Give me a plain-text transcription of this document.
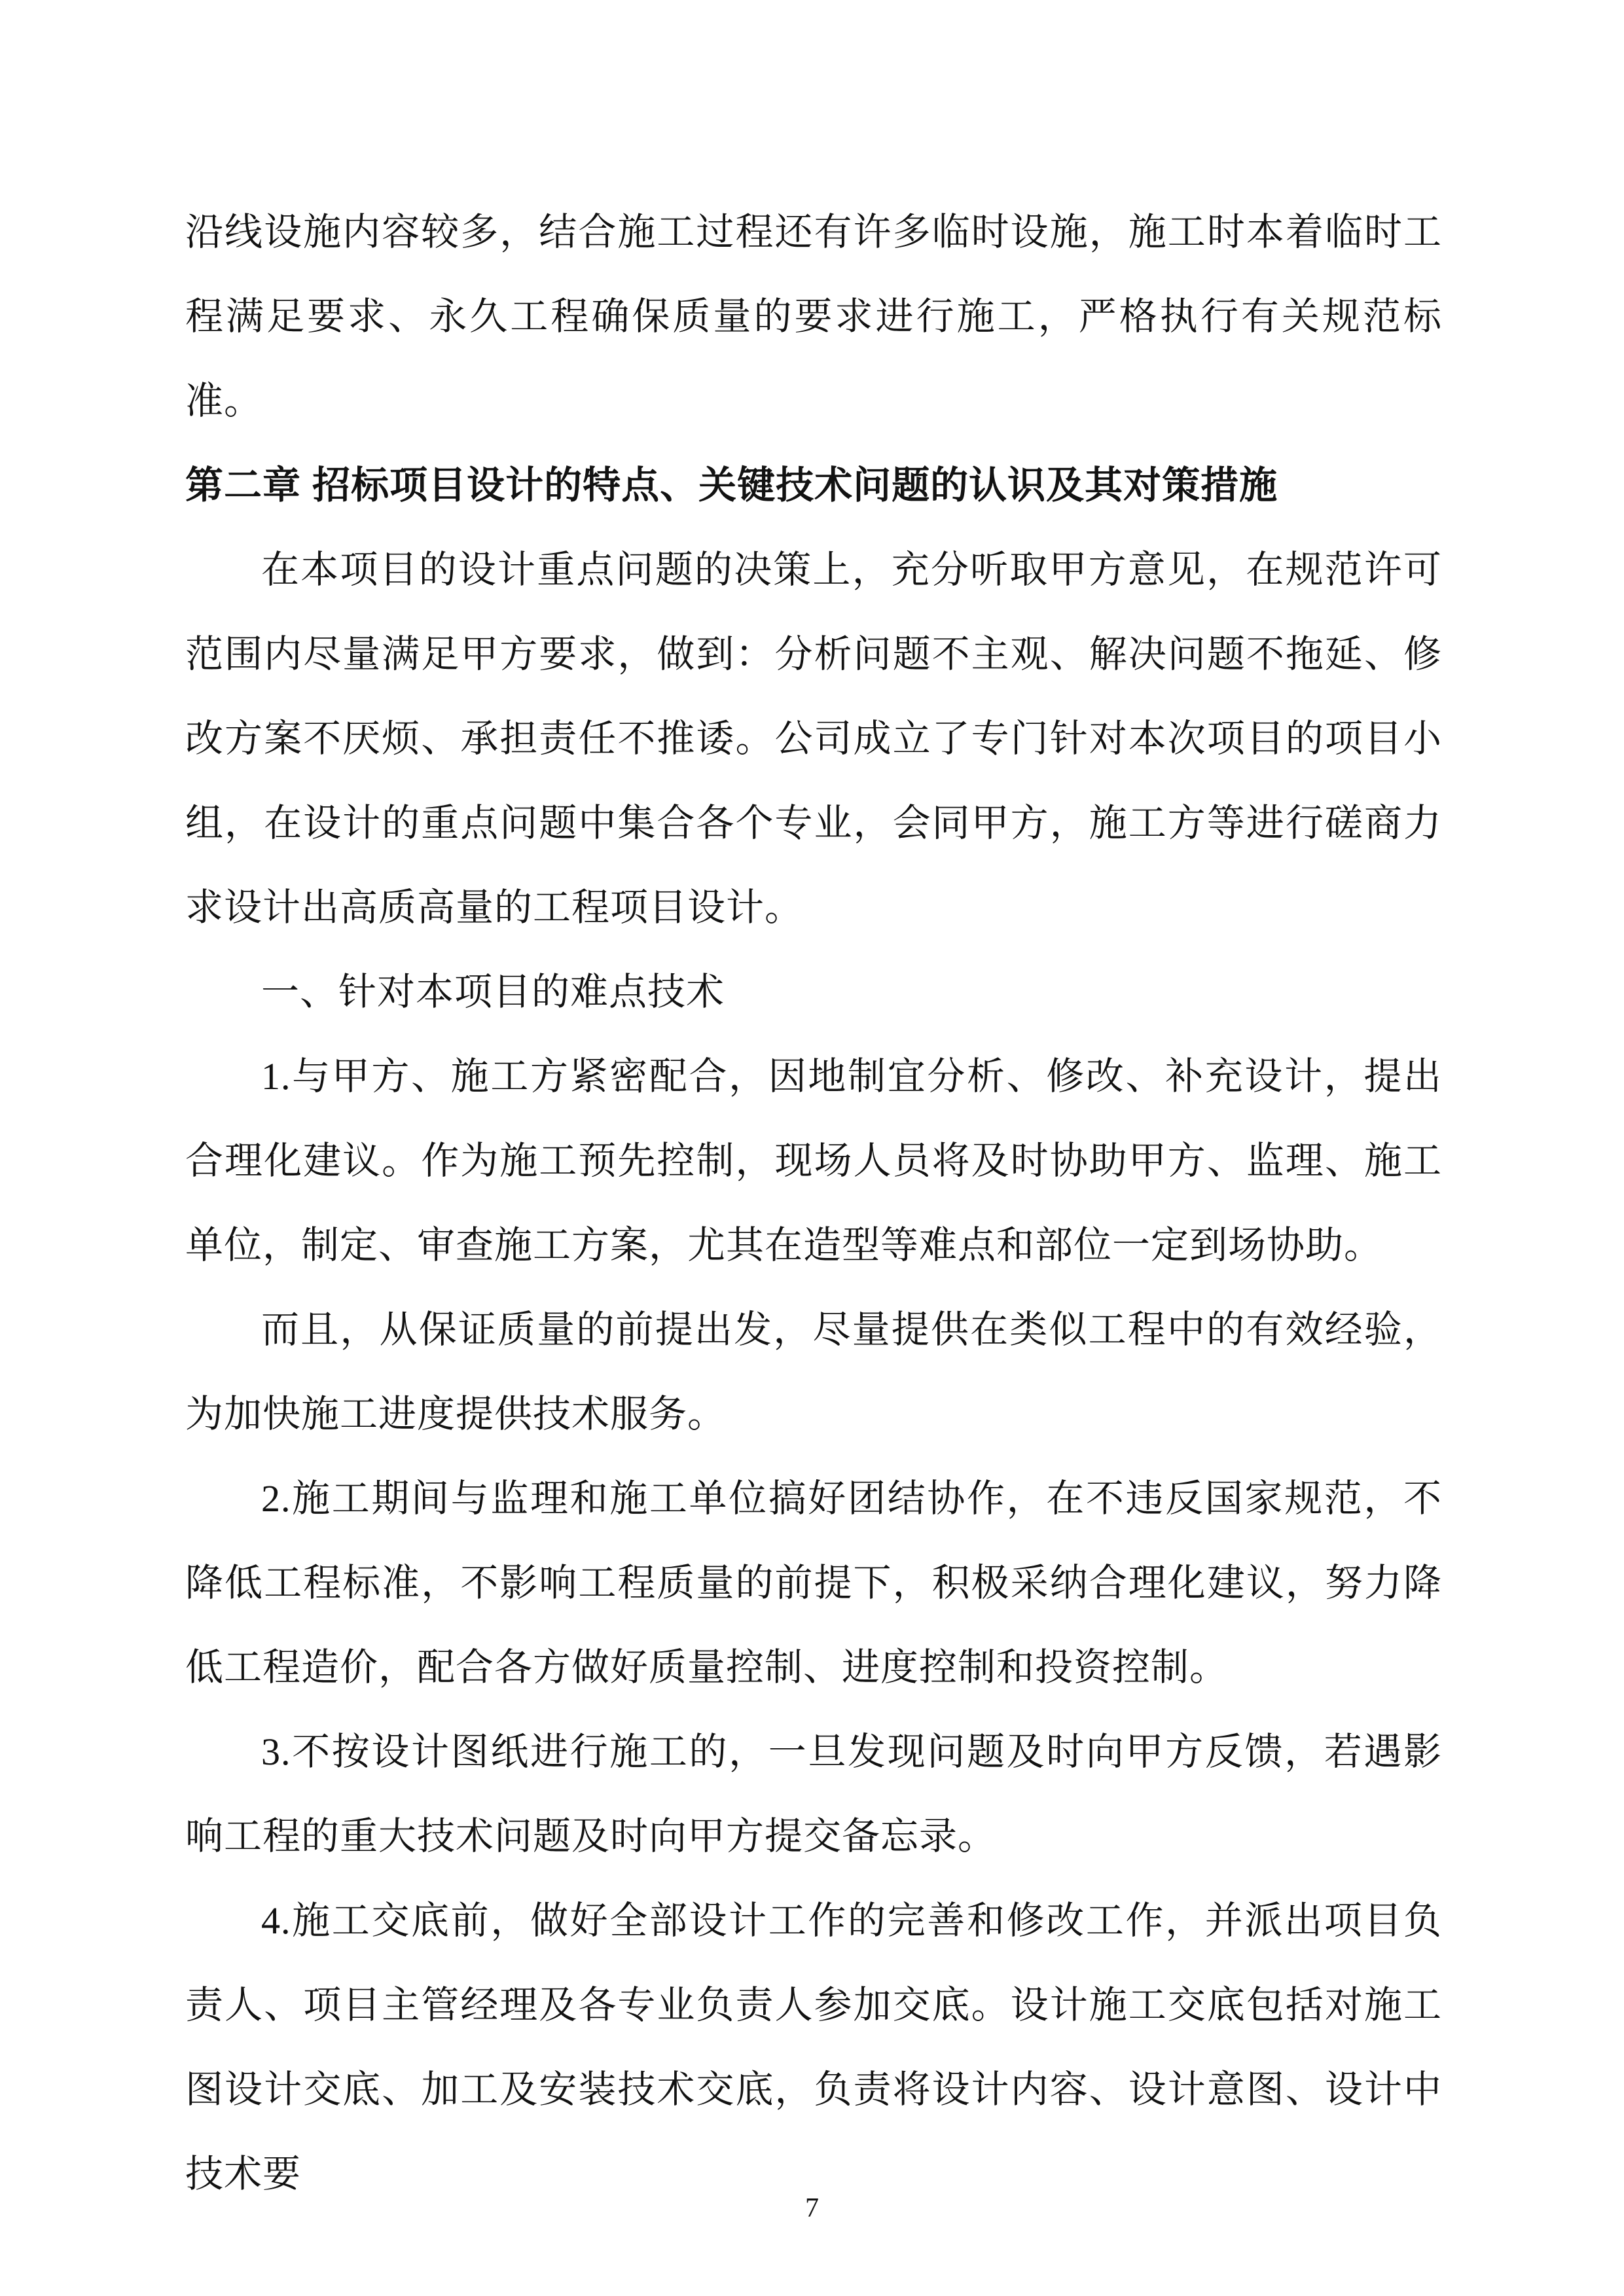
沿线设施内容较多，结合施工过程还有许多临时设施，施工时本着临时工程满足要求、永久工程确保质量的要求进行施工，严格执行有关规范标准。

第二章 招标项目设计的特点、关键技术问题的认识及其对策措施

在本项目的设计重点问题的决策上，充分听取甲方意见，在规范许可范围内尽量满足甲方要求，做到：分析问题不主观、解决问题不拖延、修改方案不厌烦、承担责任不推诿。公司成立了专门针对本次项目的项目小组，在设计的重点问题中集合各个专业，会同甲方，施工方等进行磋商力求设计出高质高量的工程项目设计。

一、针对本项目的难点技术

1.与甲方、施工方紧密配合，因地制宜分析、修改、补充设计，提出合理化建议。作为施工预先控制，现场人员将及时协助甲方、监理、施工单位，制定、审查施工方案，尤其在造型等难点和部位一定到场协助。

而且，从保证质量的前提出发，尽量提供在类似工程中的有效经验，为加快施工进度提供技术服务。

2.施工期间与监理和施工单位搞好团结协作，在不违反国家规范，不降低工程标准，不影响工程质量的前提下，积极采纳合理化建议，努力降低工程造价，配合各方做好质量控制、进度控制和投资控制。

3.不按设计图纸进行施工的，一旦发现问题及时向甲方反馈，若遇影响工程的重大技术问题及时向甲方提交备忘录。

4.施工交底前，做好全部设计工作的完善和修改工作，并派出项目负责人、项目主管经理及各专业负责人参加交底。设计施工交底包括对施工图设计交底、加工及安装技术交底，负责将设计内容、设计意图、设计中技术要

7
